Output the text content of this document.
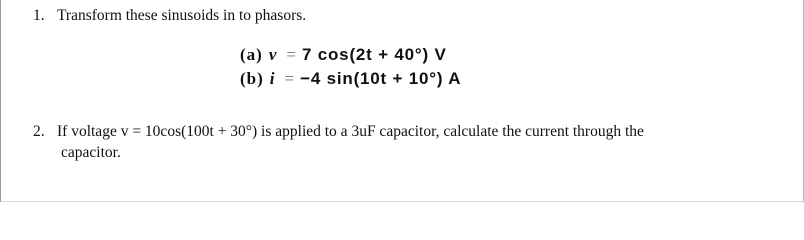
1. Transform these sinusoids in to phasors.
(a) v = 7 cos(2t + 40°) V
(b) i = −4 sin(10t + 10°) A
2. If voltage v = 10cos(100t + 30°) is applied to a 3uF capacitor, calculate the current through the
capacitor.
